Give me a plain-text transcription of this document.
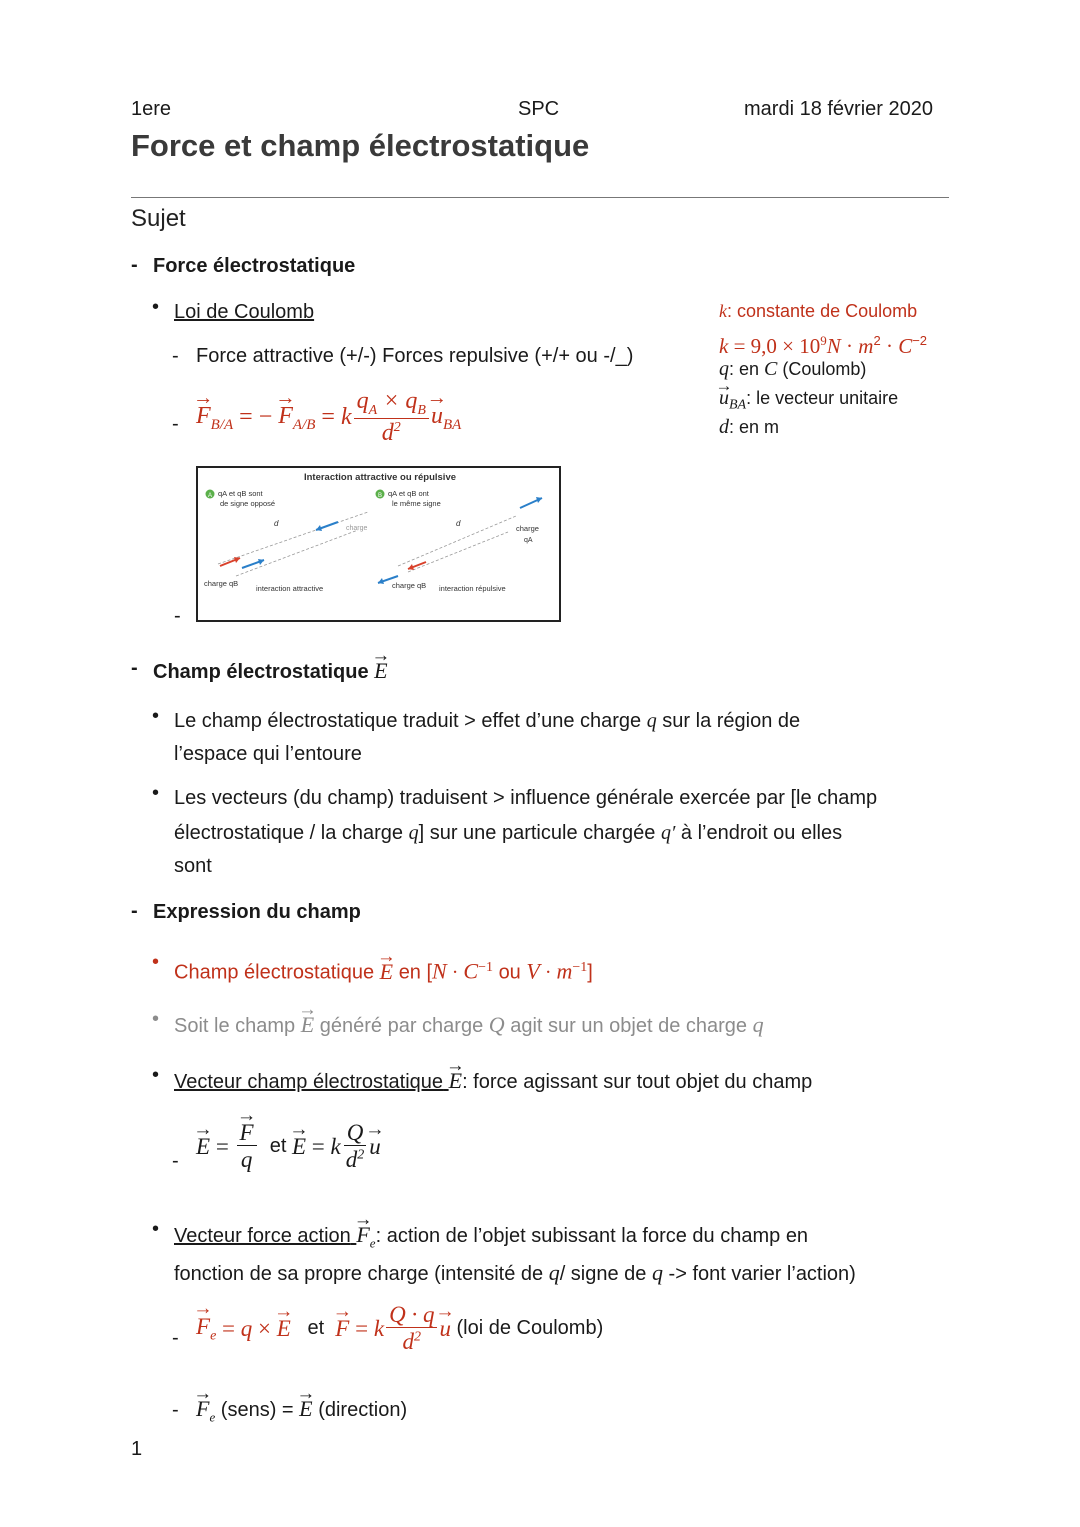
1ere	SPC	mardi 18 février 2020
Force et champ électrostatique
Sujet
- Force électrostatique
• Loi de Coulomb
- Force attractive (+/-) Forces repulsive (+/+ ou -/_)
-
→ $F_{B/A}$ = −
→ $F_{A/B} = k \frac{q_A \times q_B}{d^2}$
→ $u_{BA}$
k: constante de Coulomb
$k = 9,0 \times 10^9N \cdot m^2 \cdot C^{-2}$
q: en C (Coulomb)
→ $u_{BA}$: le vecteur unitaire
d: en m
Interaction attractive ou répulsive
A qA et qB sont
de signe opposé
d
charge qB
interaction attractive
charge
B qA et qB ont
le même signe
d
charge
qA
charge qB interaction répulsive
-
- Champ électrostatique → E
• Le champ électrostatique traduit > effet d’une charge q sur la région de
l’espace qui l’entoure
• Les vecteurs (du champ) traduisent > influence générale exercée par [le champ
électrostatique / la charge q] sur une particule chargée q′ à l’endroit ou elles
sont
- Expression du champ
• Champ électrostatique → E en [$N \cdot C^{-1}$ ou $V \cdot m^{-1}$]
• Soit le champ → E généré par charge Q agit sur un objet de charge q
• Vecteur champ électrostatique → E: force agissant sur tout objet du champ
-
→ E =
→ $\frac{F}{q}$ et
→ E = k $\frac{Q}{d^2}$
→ u
• Vecteur force action → $F_e$: action de l’objet subissant la force du champ en
fonction de sa propre charge (intensité de q/ signe de q -> font varier l’action)
-
→ $F_e = q$ ×
→ E et
→ F = k $\frac{Q \cdot q}{d^2}$
→ u (loi de Coulomb)
-
→ $F_e$ (sens) = → E (direction)
1
